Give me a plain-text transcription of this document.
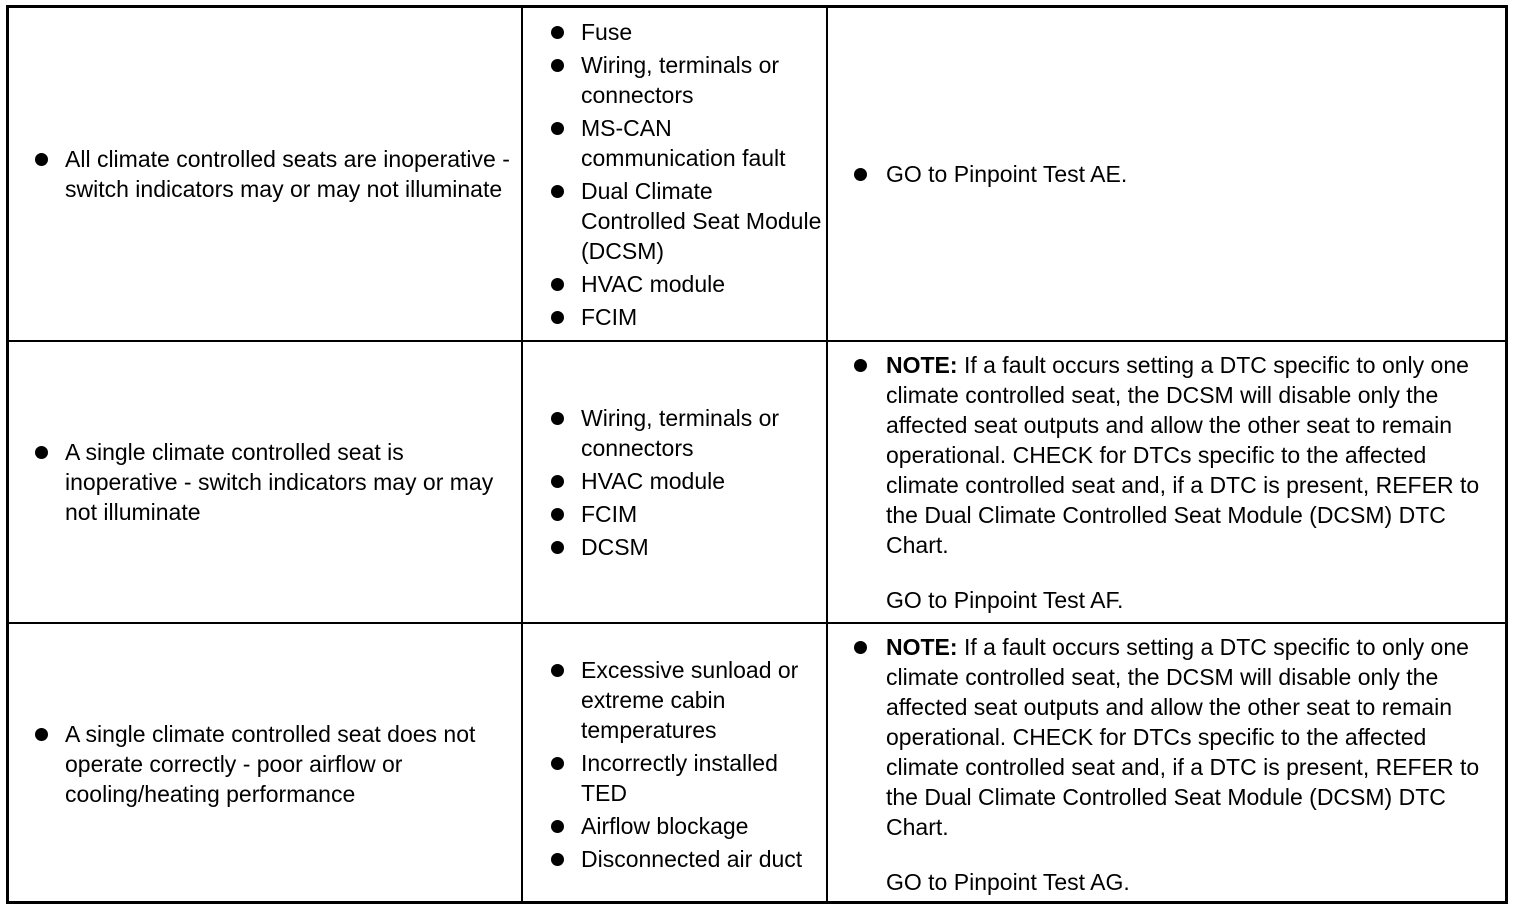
All climate controlled seats are inoperative - switch indicators may or may not illuminate
Fuse
Wiring, terminals or connectors
MS-CAN communication fault
Dual Climate Controlled Seat Module (DCSM)
HVAC module
FCIM
GO to Pinpoint Test AE.
A single climate controlled seat is inoperative - switch indicators may or may not illuminate
Wiring, terminals or connectors
HVAC module
FCIM
DCSM
NOTE: If a fault occurs setting a DTC specific to only one climate controlled seat, the DCSM will disable only the affected seat outputs and allow the other seat to remain operational. CHECK for DTCs specific to the affected climate controlled seat and, if a DTC is present, REFER to the Dual Climate Controlled Seat Module (DCSM) DTC Chart.
GO to Pinpoint Test AF.
A single climate controlled seat does not operate correctly - poor airflow or cooling/heating performance
Excessive sunload or extreme cabin temperatures
Incorrectly installed TED
Airflow blockage
Disconnected air duct
NOTE: If a fault occurs setting a DTC specific to only one climate controlled seat, the DCSM will disable only the affected seat outputs and allow the other seat to remain operational. CHECK for DTCs specific to the affected climate controlled seat and, if a DTC is present, REFER to the Dual Climate Controlled Seat Module (DCSM) DTC Chart.
GO to Pinpoint Test AG.
